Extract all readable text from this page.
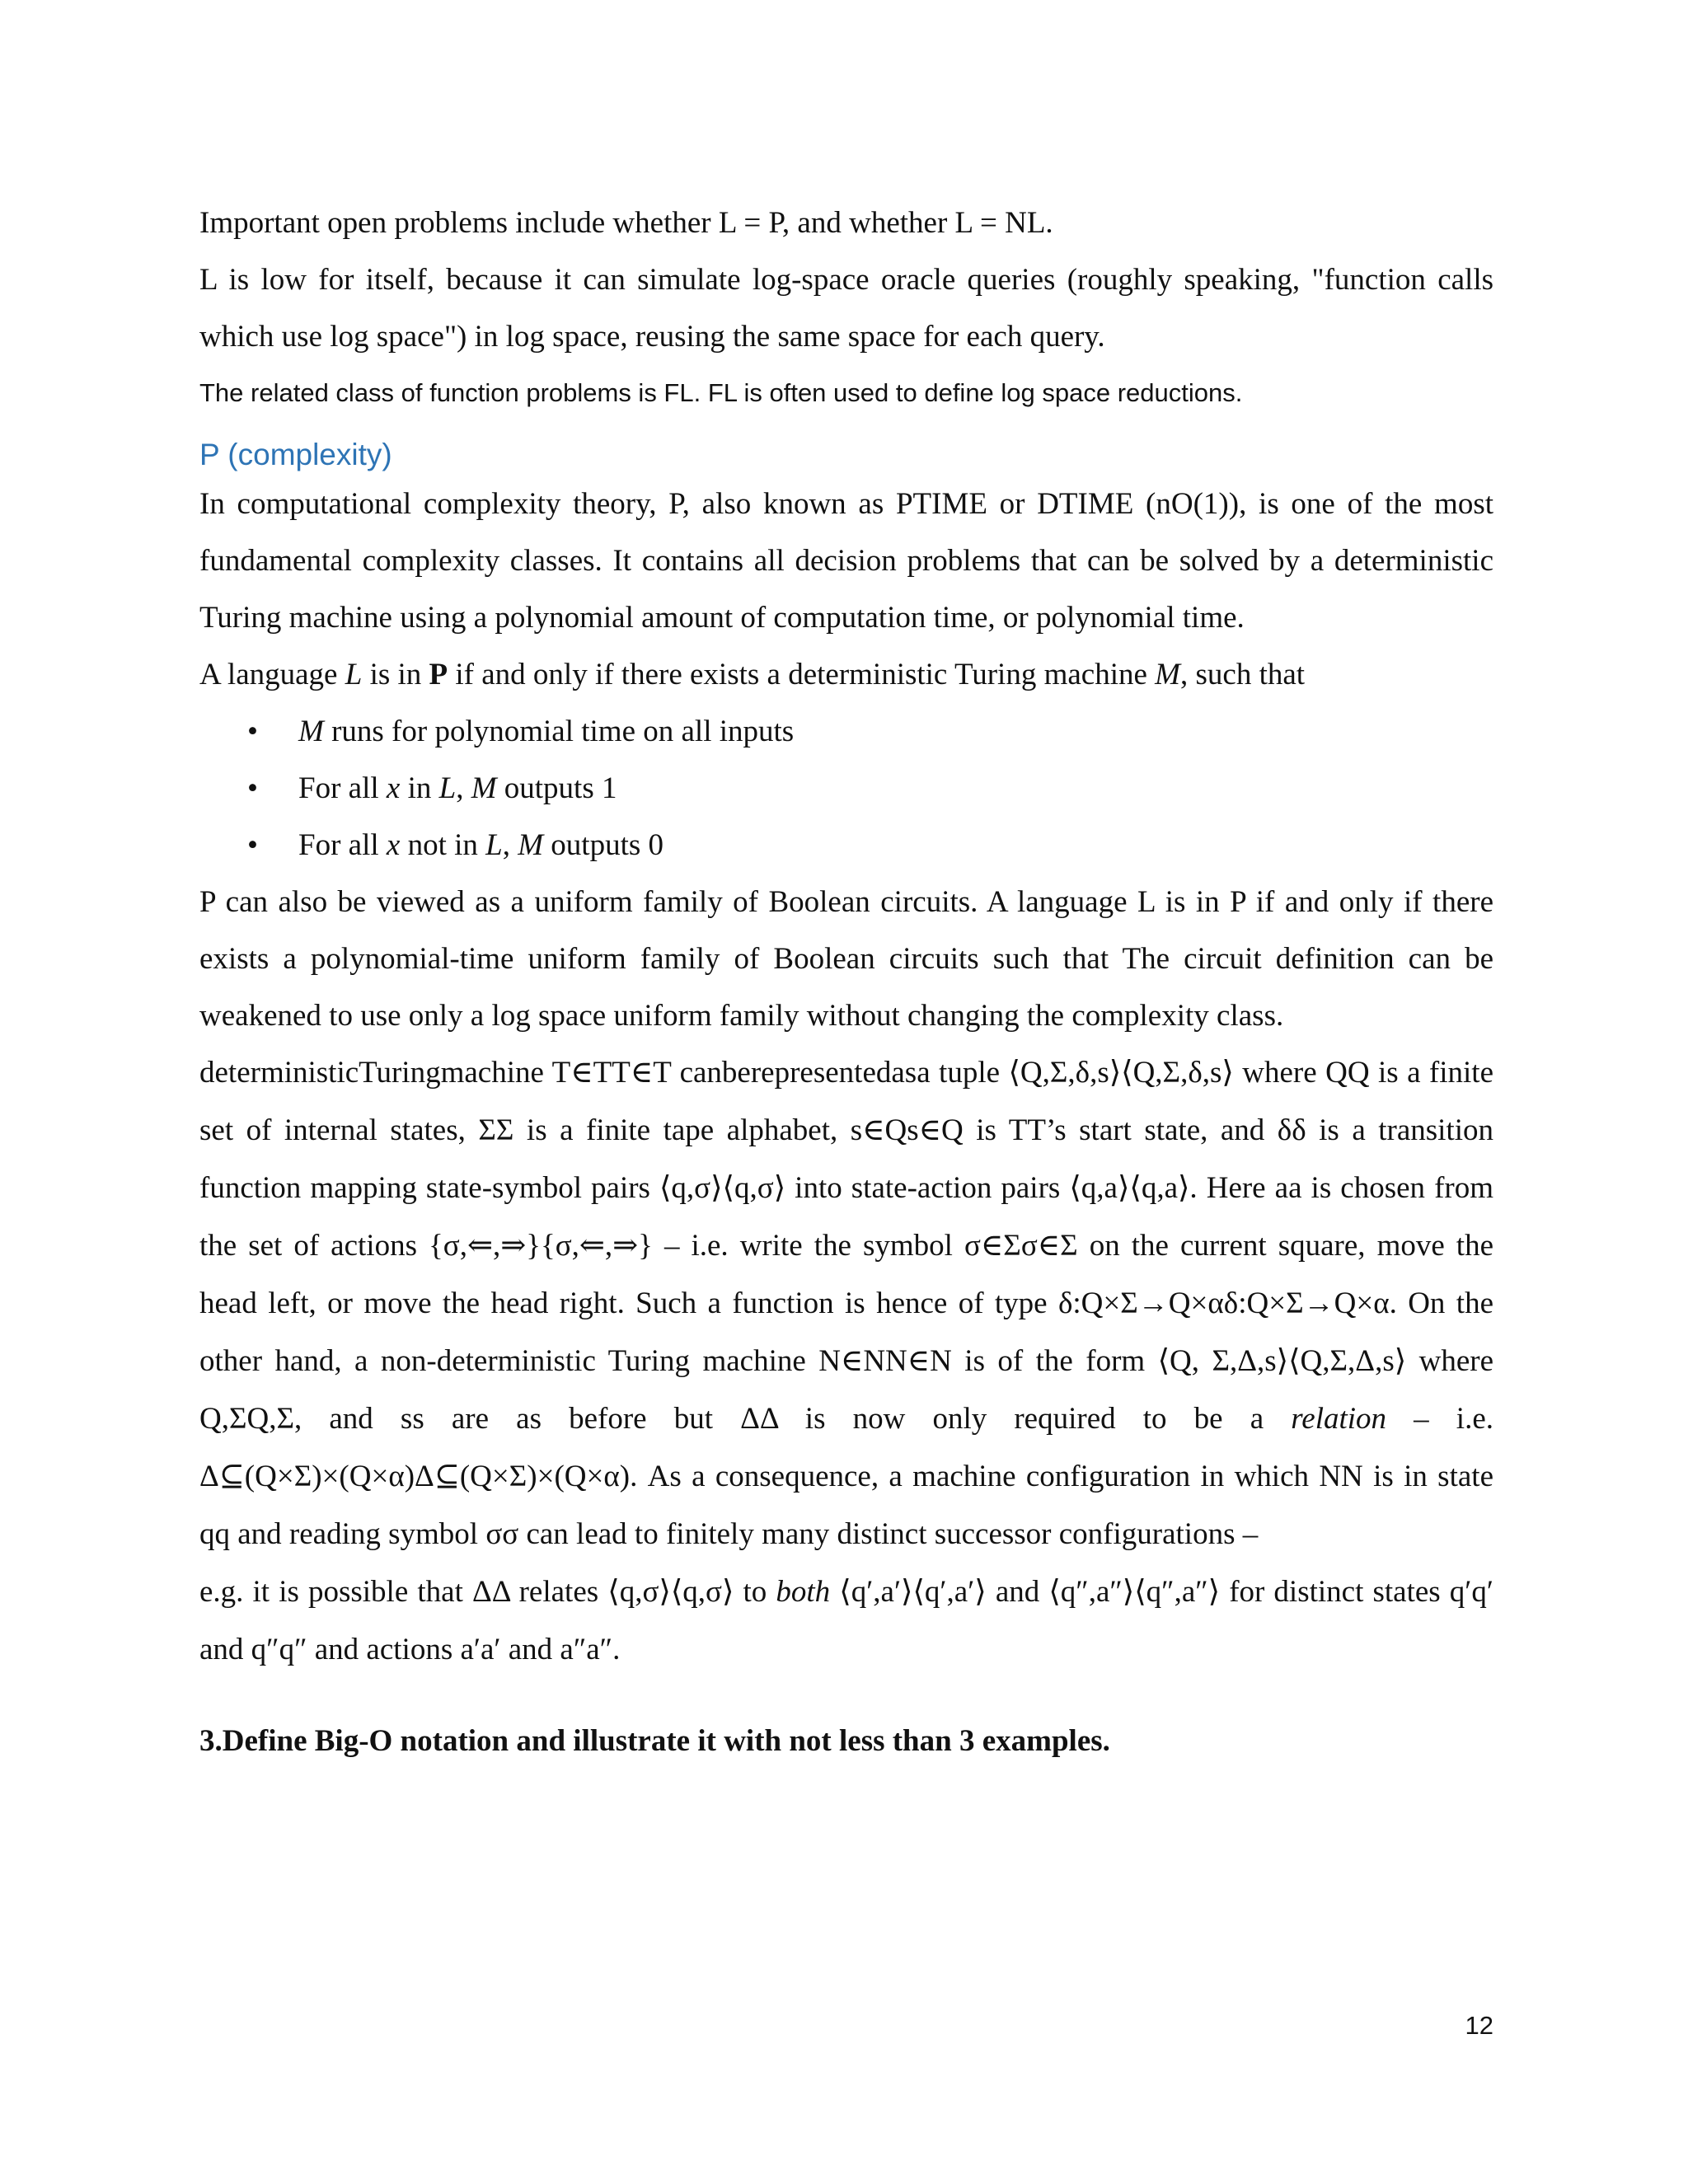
Important open problems include whether L = P, and whether L = NL.

L is low for itself, because it can simulate log-space oracle queries (roughly speaking, "function calls which use log space") in log space, reusing the same space for each query.

The related class of function problems is FL. FL is often used to define log space reductions.

P (complexity)

In computational complexity theory, P, also known as PTIME or DTIME (nO(1)), is one of the most fundamental complexity classes. It contains all decision problems that can be solved by a deterministic Turing machine using a polynomial amount of computation time, or polynomial time.

A language L is in P if and only if there exists a deterministic Turing machine M, such that

• M runs for polynomial time on all inputs
• For all x in L, M outputs 1
• For all x not in L, M outputs 0

P can also be viewed as a uniform family of Boolean circuits. A language L is in P if and only if there exists a polynomial-time uniform family of Boolean circuits such that The circuit definition can be weakened to use only a log space uniform family without changing the complexity class.

deterministicTuringmachine T∈TT∈T canberepresentedasa tuple ⟨Q,Σ,δ,s⟩⟨Q,Σ,δ,s⟩ where QQ is a finite set of internal states, ΣΣ is a finite tape alphabet, s∈Qs∈Q is TT’s start state, and δδ is a transition function mapping state-symbol pairs ⟨q,σ⟩⟨q,σ⟩ into state-action pairs ⟨q,a⟩⟨q,a⟩. Here aa is chosen from the set of actions {σ,⇐,⇒}{σ,⇐,⇒} – i.e. write the symbol σ∈Σσ∈Σ on the current square, move the head left, or move the head right. Such a function is hence of type δ:Q×Σ→Q×αδ:Q×Σ→Q×α. On the other hand, a non-deterministic Turing machine N∈NN∈N is of the form ⟨Q, Σ,Δ,s⟩⟨Q,Σ,Δ,s⟩ where Q,ΣQ,Σ, and ss are as before but ΔΔ is now only required to be a relation – i.e. Δ⊆(Q×Σ)×(Q×α)Δ⊆(Q×Σ)×(Q×α). As a consequence, a machine configuration in which NN is in state qq and reading symbol σσ can lead to finitely many distinct successor configurations –

e.g. it is possible that ΔΔ relates ⟨q,σ⟩⟨q,σ⟩ to both ⟨q′,a′⟩⟨q′,a′⟩ and ⟨q″,a″⟩⟨q″,a″⟩ for distinct states q′q′ and q″q″ and actions a′a′ and a″a″.

3.Define Big-O notation and illustrate it with not less than 3 examples.

12
